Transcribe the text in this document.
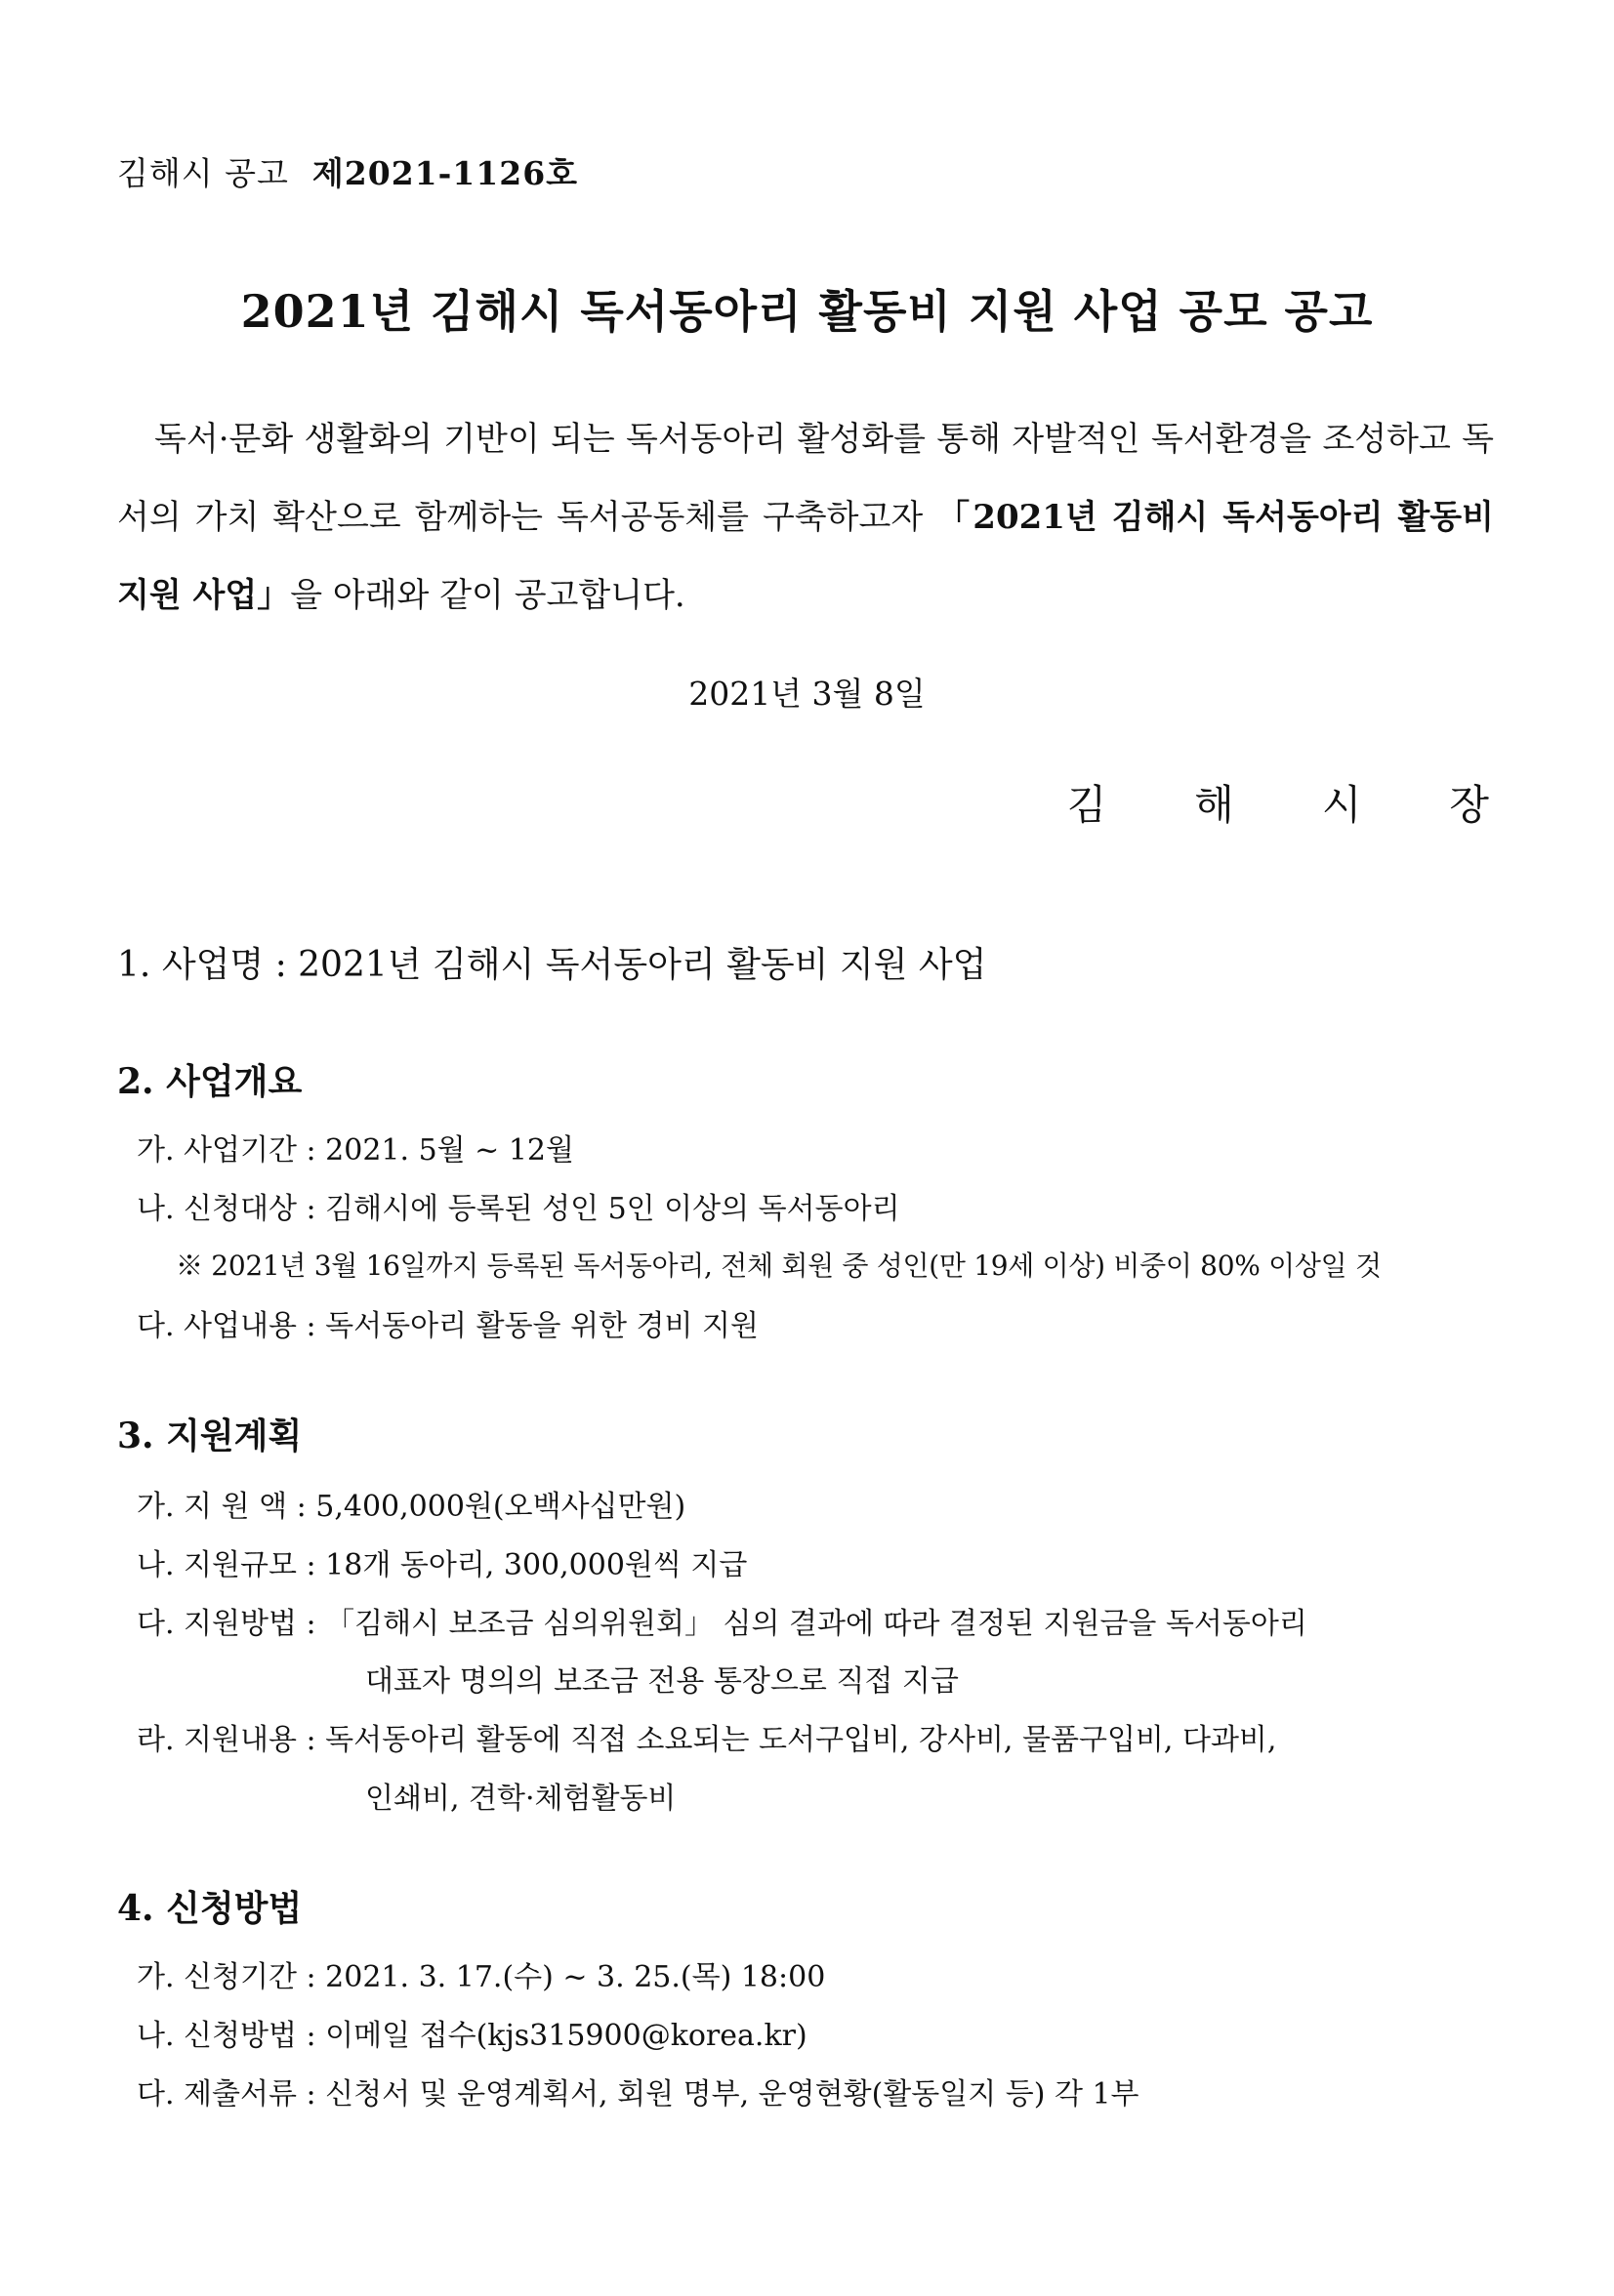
김해시 공고 제2021-1126호
2021년 김해시 독서동아리 활동비 지원 사업 공모 공고

독서·문화 생활화의 기반이 되는 독서동아리 활성화를 통해 자발적인 독서환경을 조성하고 독서의 가치 확산으로 함께하는 독서공동체를 구축하고자 「2021년 김해시 독서동아리 활동비 지원 사업」을 아래와 같이 공고합니다.

2021년 3월 8일
김해시장
1. 사업명 : 2021년 김해시 독서동아리 활동비 지원 사업
2. 사업개요
가. 사업기간 : 2021. 5월 ~ 12월
나. 신청대상 : 김해시에 등록된 성인 5인 이상의 독서동아리
※ 2021년 3월 16일까지 등록된 독서동아리, 전체 회원 중 성인(만 19세 이상) 비중이 80% 이상일 것
다. 사업내용 : 독서동아리 활동을 위한 경비 지원
3. 지원계획
가. 지 원 액 : 5,400,000원(오백사십만원)
나. 지원규모 : 18개 동아리, 300,000원씩 지급
다. 지원방법 : 「김해시 보조금 심의위원회」 심의 결과에 따라 결정된 지원금을 독서동아리
대표자 명의의 보조금 전용 통장으로 직접 지급
라. 지원내용 : 독서동아리 활동에 직접 소요되는 도서구입비, 강사비, 물품구입비, 다과비,
인쇄비, 견학·체험활동비
4. 신청방법
가. 신청기간 : 2021. 3. 17.(수) ~ 3. 25.(목) 18:00
나. 신청방법 : 이메일 접수(kjs315900@korea.kr)
다. 제출서류 : 신청서 및 운영계획서, 회원 명부, 운영현황(활동일지 등) 각 1부
